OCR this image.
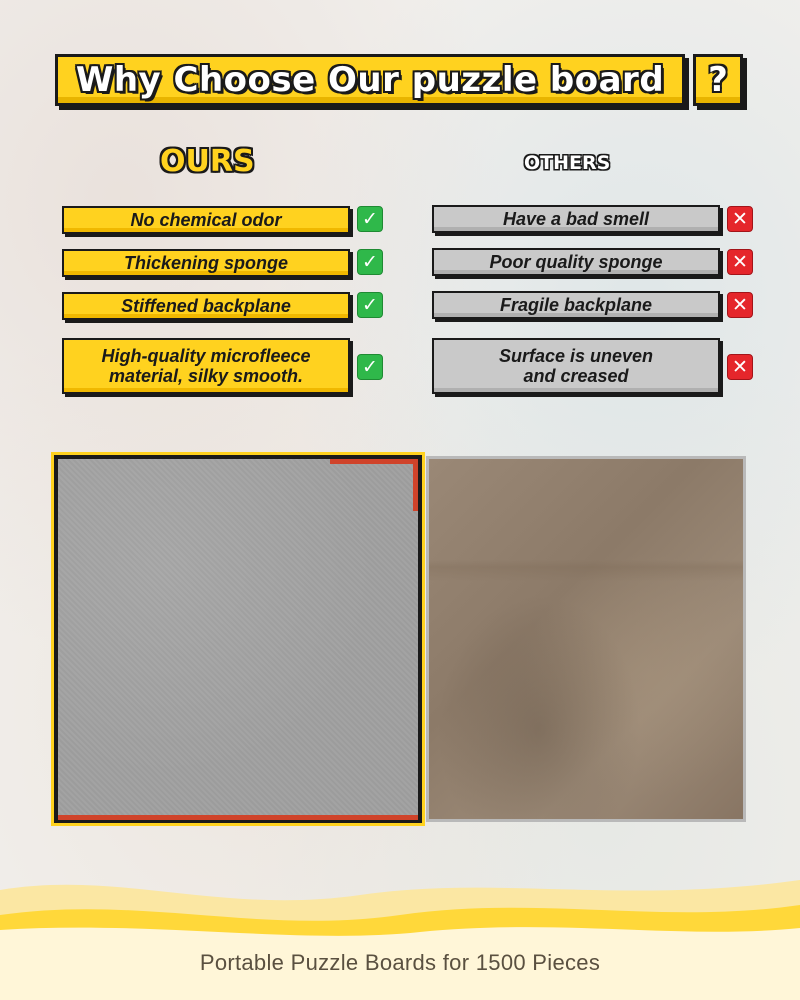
Why Choose Our puzzle board ?
OURS	OTHERS
No chemical odor	✓
Thickening sponge	✓
Stiffened backplane	✓
High-quality microfleece
material, silky smooth.	✓
Have a bad smell	✕
Poor quality sponge	✕
Fragile backplane	✕
Surface is uneven
and creased	✕
Portable Puzzle Boards for 1500 Pieces
